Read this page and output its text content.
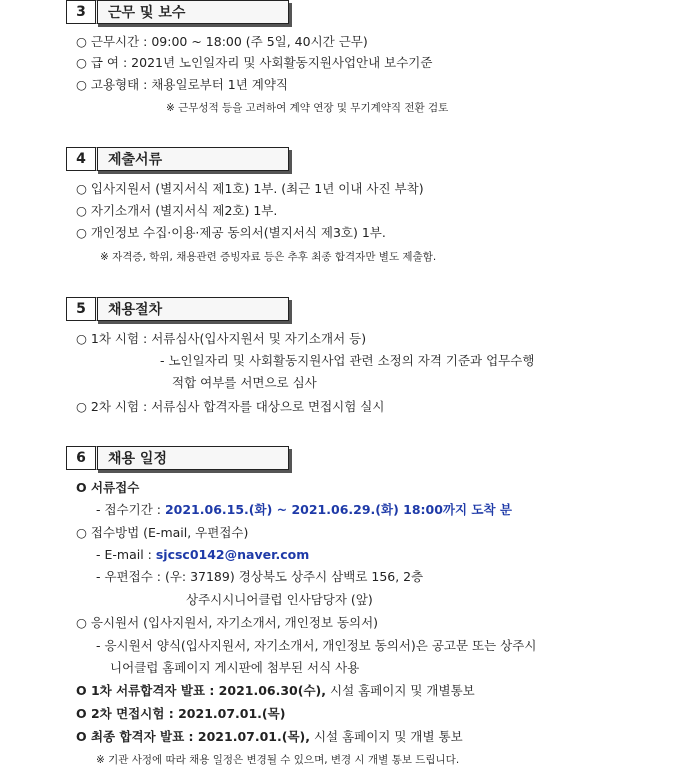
3	근무 및 보수
○ 근무시간 : 09:00 ~ 18:00 (주 5일, 40시간 근무)
○ 급 여 : 2021년 노인일자리 및 사회활동지원사업안내 보수기준
○ 고용형태 : 채용일로부터 1년 계약직
※ 근무성적 등을 고려하여 계약 연장 및 무기계약직 전환 검토
4	제출서류
○ 입사지원서 (별지서식 제1호) 1부. (최근 1년 이내 사진 부착)
○ 자기소개서 (별지서식 제2호) 1부.
○ 개인정보 수집·이용·제공 동의서(별지서식 제3호) 1부.
※ 자격증, 학위, 채용관련 증빙자료 등은 추후 최종 합격자만 별도 제출함.
5	채용절차
○ 1차 시험 : 서류심사(입사지원서 및 자기소개서 등)
- 노인일자리 및 사회활동지원사업 관련 소정의 자격 기준과 업무수행
적합 여부를 서면으로 심사
○ 2차 시험 : 서류심사 합격자를 대상으로 면접시험 실시
6	채용 일정
O 서류접수
- 접수기간 : 2021.06.15.(화) ~ 2021.06.29.(화) 18:00까지 도착 분
○ 접수방법 (E-mail, 우편접수)
- E-mail : sjcsc0142@naver.com
- 우편접수 : (우: 37189) 경상북도 상주시 삼백로 156, 2층
상주시시니어클럽 인사담당자 (앞)
○ 응시원서 (입사지원서, 자기소개서, 개인정보 동의서)
- 응시원서 양식(입사지원서, 자기소개서, 개인정보 동의서)은 공고문 또는 상주시
니어클럽 홈페이지 게시판에 첨부된 서식 사용
O 1차 서류합격자 발표 : 2021.06.30(수), 시설 홈페이지 및 개별통보
O 2차 면접시험 : 2021.07.01.(목)
O 최종 합격자 발표 : 2021.07.01.(목), 시설 홈페이지 및 개별 통보
※ 기관 사정에 따라 채용 일정은 변경될 수 있으며, 변경 시 개별 통보 드립니다.
